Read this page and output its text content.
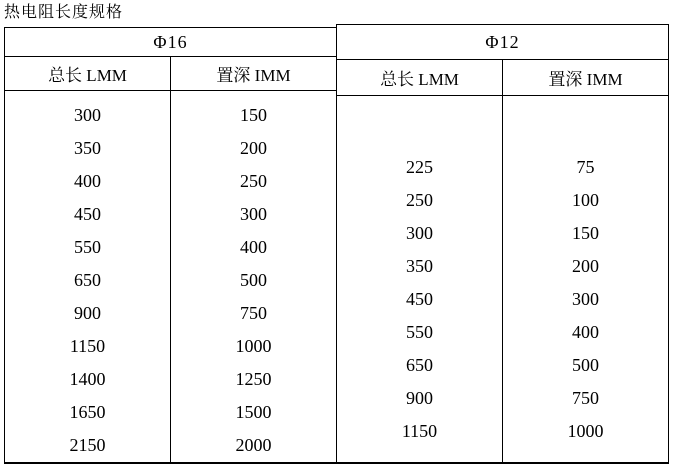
热电阻长度规格
Φ16
总长 LMM	置深 IMM
300
350
400
450
550
650
900
1150
1400
1650
2150
150
200
250
300
400
500
750
1000
1250
1500
2000
Φ12
总长 LMM	置深 IMM
225
250
300
350
450
550
650
900
1150
75
100
150
200
300
400
500
750
1000
